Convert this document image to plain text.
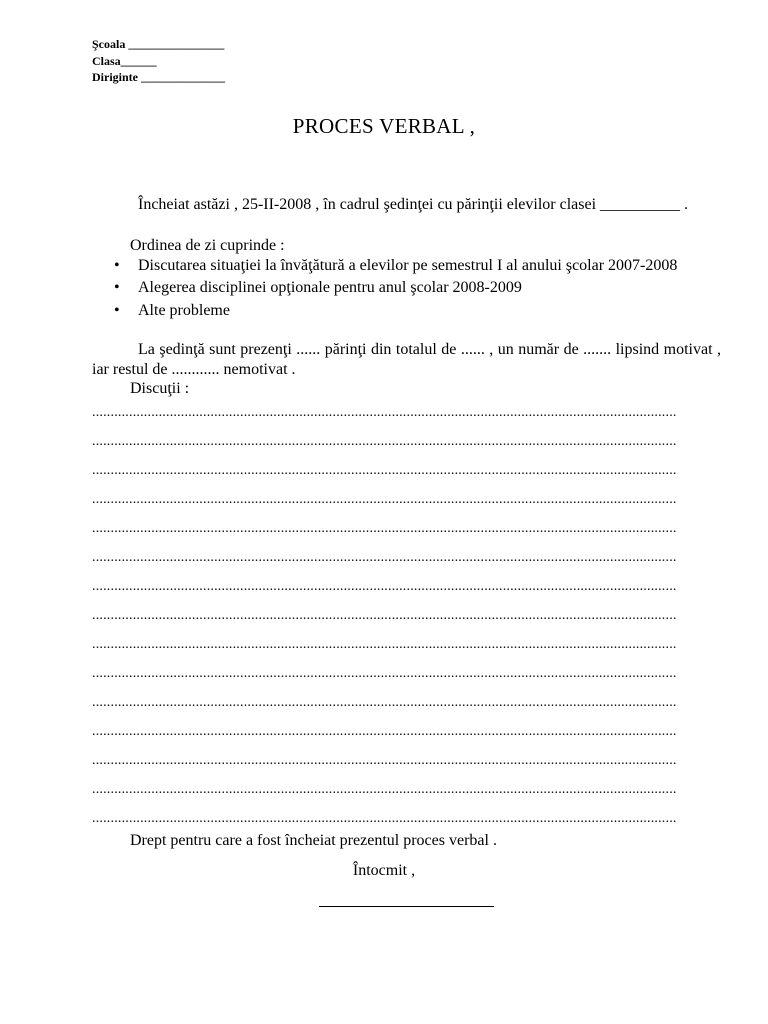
Şcoala ________________
Clasa______
Diriginte ______________
PROCES VERBAL ,
Încheiat astăzi , 25-II-2008 , în cadrul şedinţei cu părinţii elevilor clasei __________ .
Ordinea de zi cuprinde :
• Discutarea situaţiei la învăţătură a elevilor pe semestrul I al anului şcolar 2007-2008
• Alegerea disciplinei opţionale pentru anul şcolar 2008-2009
• Alte probleme
La şedinţă sunt prezenţi ...... părinţi din totalul de ...... , un număr de ....... lipsind motivat , iar restul de ............ nemotivat .
Discuţii :
..............................................................................................................................................................
..............................................................................................................................................................
..............................................................................................................................................................
..............................................................................................................................................................
..............................................................................................................................................................
..............................................................................................................................................................
..............................................................................................................................................................
..............................................................................................................................................................
..............................................................................................................................................................
..............................................................................................................................................................
..............................................................................................................................................................
..............................................................................................................................................................
..............................................................................................................................................................
..............................................................................................................................................................
..............................................................................................................................................................
Drept pentru care a fost încheiat prezentul proces verbal .
Întocmit ,
